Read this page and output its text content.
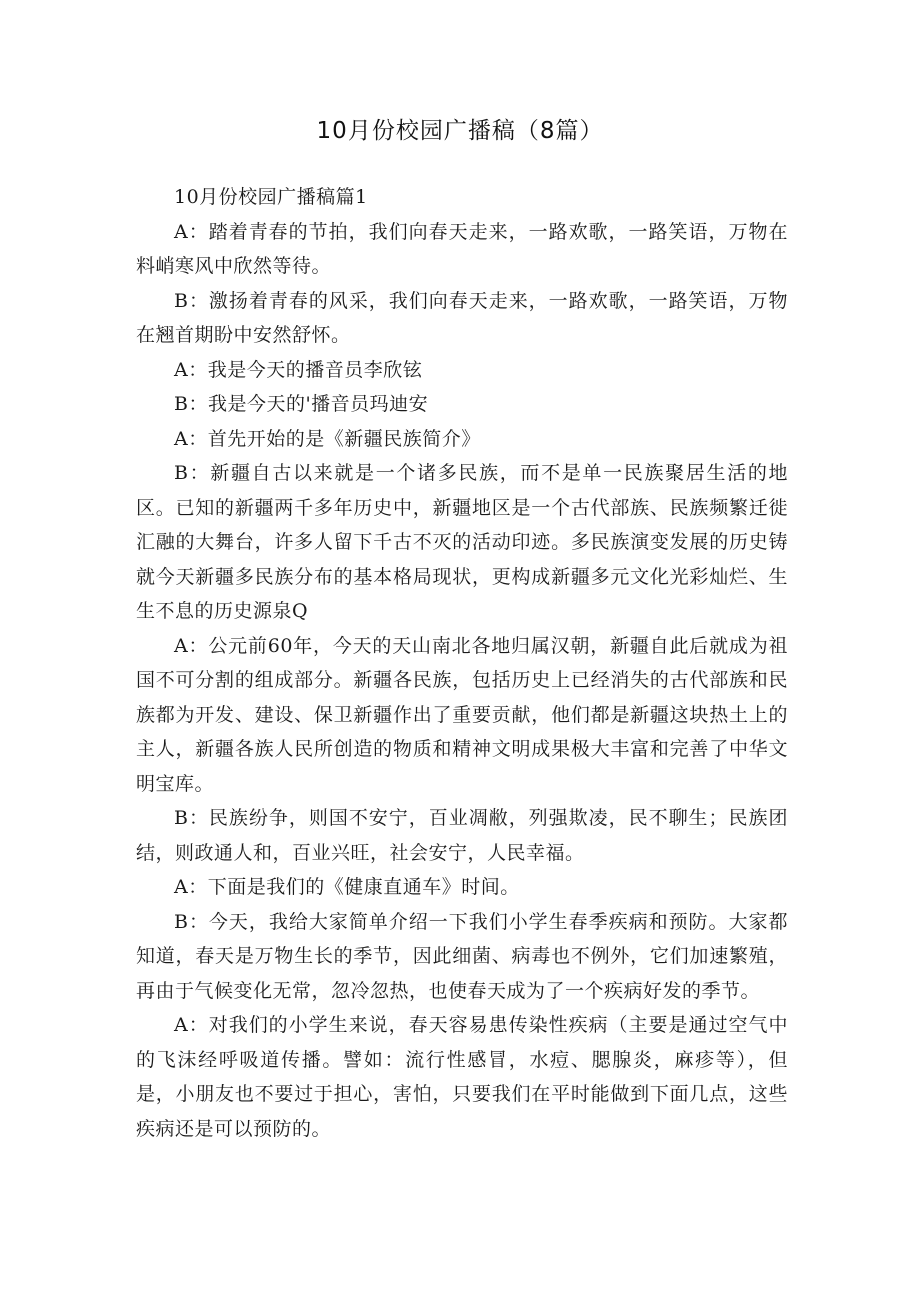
10月份校园广播稿（8篇）

10月份校园广播稿篇1

A：踏着青春的节拍，我们向春天走来，一路欢歌，一路笑语，万物在料峭寒风中欣然等待。

B：激扬着青春的风采，我们向春天走来，一路欢歌，一路笑语，万物在翘首期盼中安然舒怀。

A：我是今天的播音员李欣铉

B：我是今天的'播音员玛迪安

A：首先开始的是《新疆民族简介》

B：新疆自古以来就是一个诸多民族，而不是单一民族聚居生活的地区。已知的新疆两千多年历史中，新疆地区是一个古代部族、民族频繁迁徙汇融的大舞台，许多人留下千古不灭的活动印迹。多民族演变发展的历史铸就今天新疆多民族分布的基本格局现状，更构成新疆多元文化光彩灿烂、生生不息的历史源泉Q

A：公元前60年，今天的天山南北各地归属汉朝，新疆自此后就成为祖国不可分割的组成部分。新疆各民族，包括历史上已经消失的古代部族和民族都为开发、建设、保卫新疆作出了重要贡献，他们都是新疆这块热土上的主人，新疆各族人民所创造的物质和精神文明成果极大丰富和完善了中华文明宝库。

B：民族纷争，则国不安宁，百业凋敝，列强欺凌，民不聊生；民族团结，则政通人和，百业兴旺，社会安宁，人民幸福。

A：下面是我们的《健康直通车》时间。

B：今天，我给大家简单介绍一下我们小学生春季疾病和预防。大家都知道，春天是万物生长的季节，因此细菌、病毒也不例外，它们加速繁殖，再由于气候变化无常，忽冷忽热，也使春天成为了一个疾病好发的季节。

A：对我们的小学生来说，春天容易患传染性疾病（主要是通过空气中的飞沫经呼吸道传播。譬如：流行性感冒，水痘、腮腺炎，麻疹等），但是，小朋友也不要过于担心，害怕，只要我们在平时能做到下面几点，这些疾病还是可以预防的。
